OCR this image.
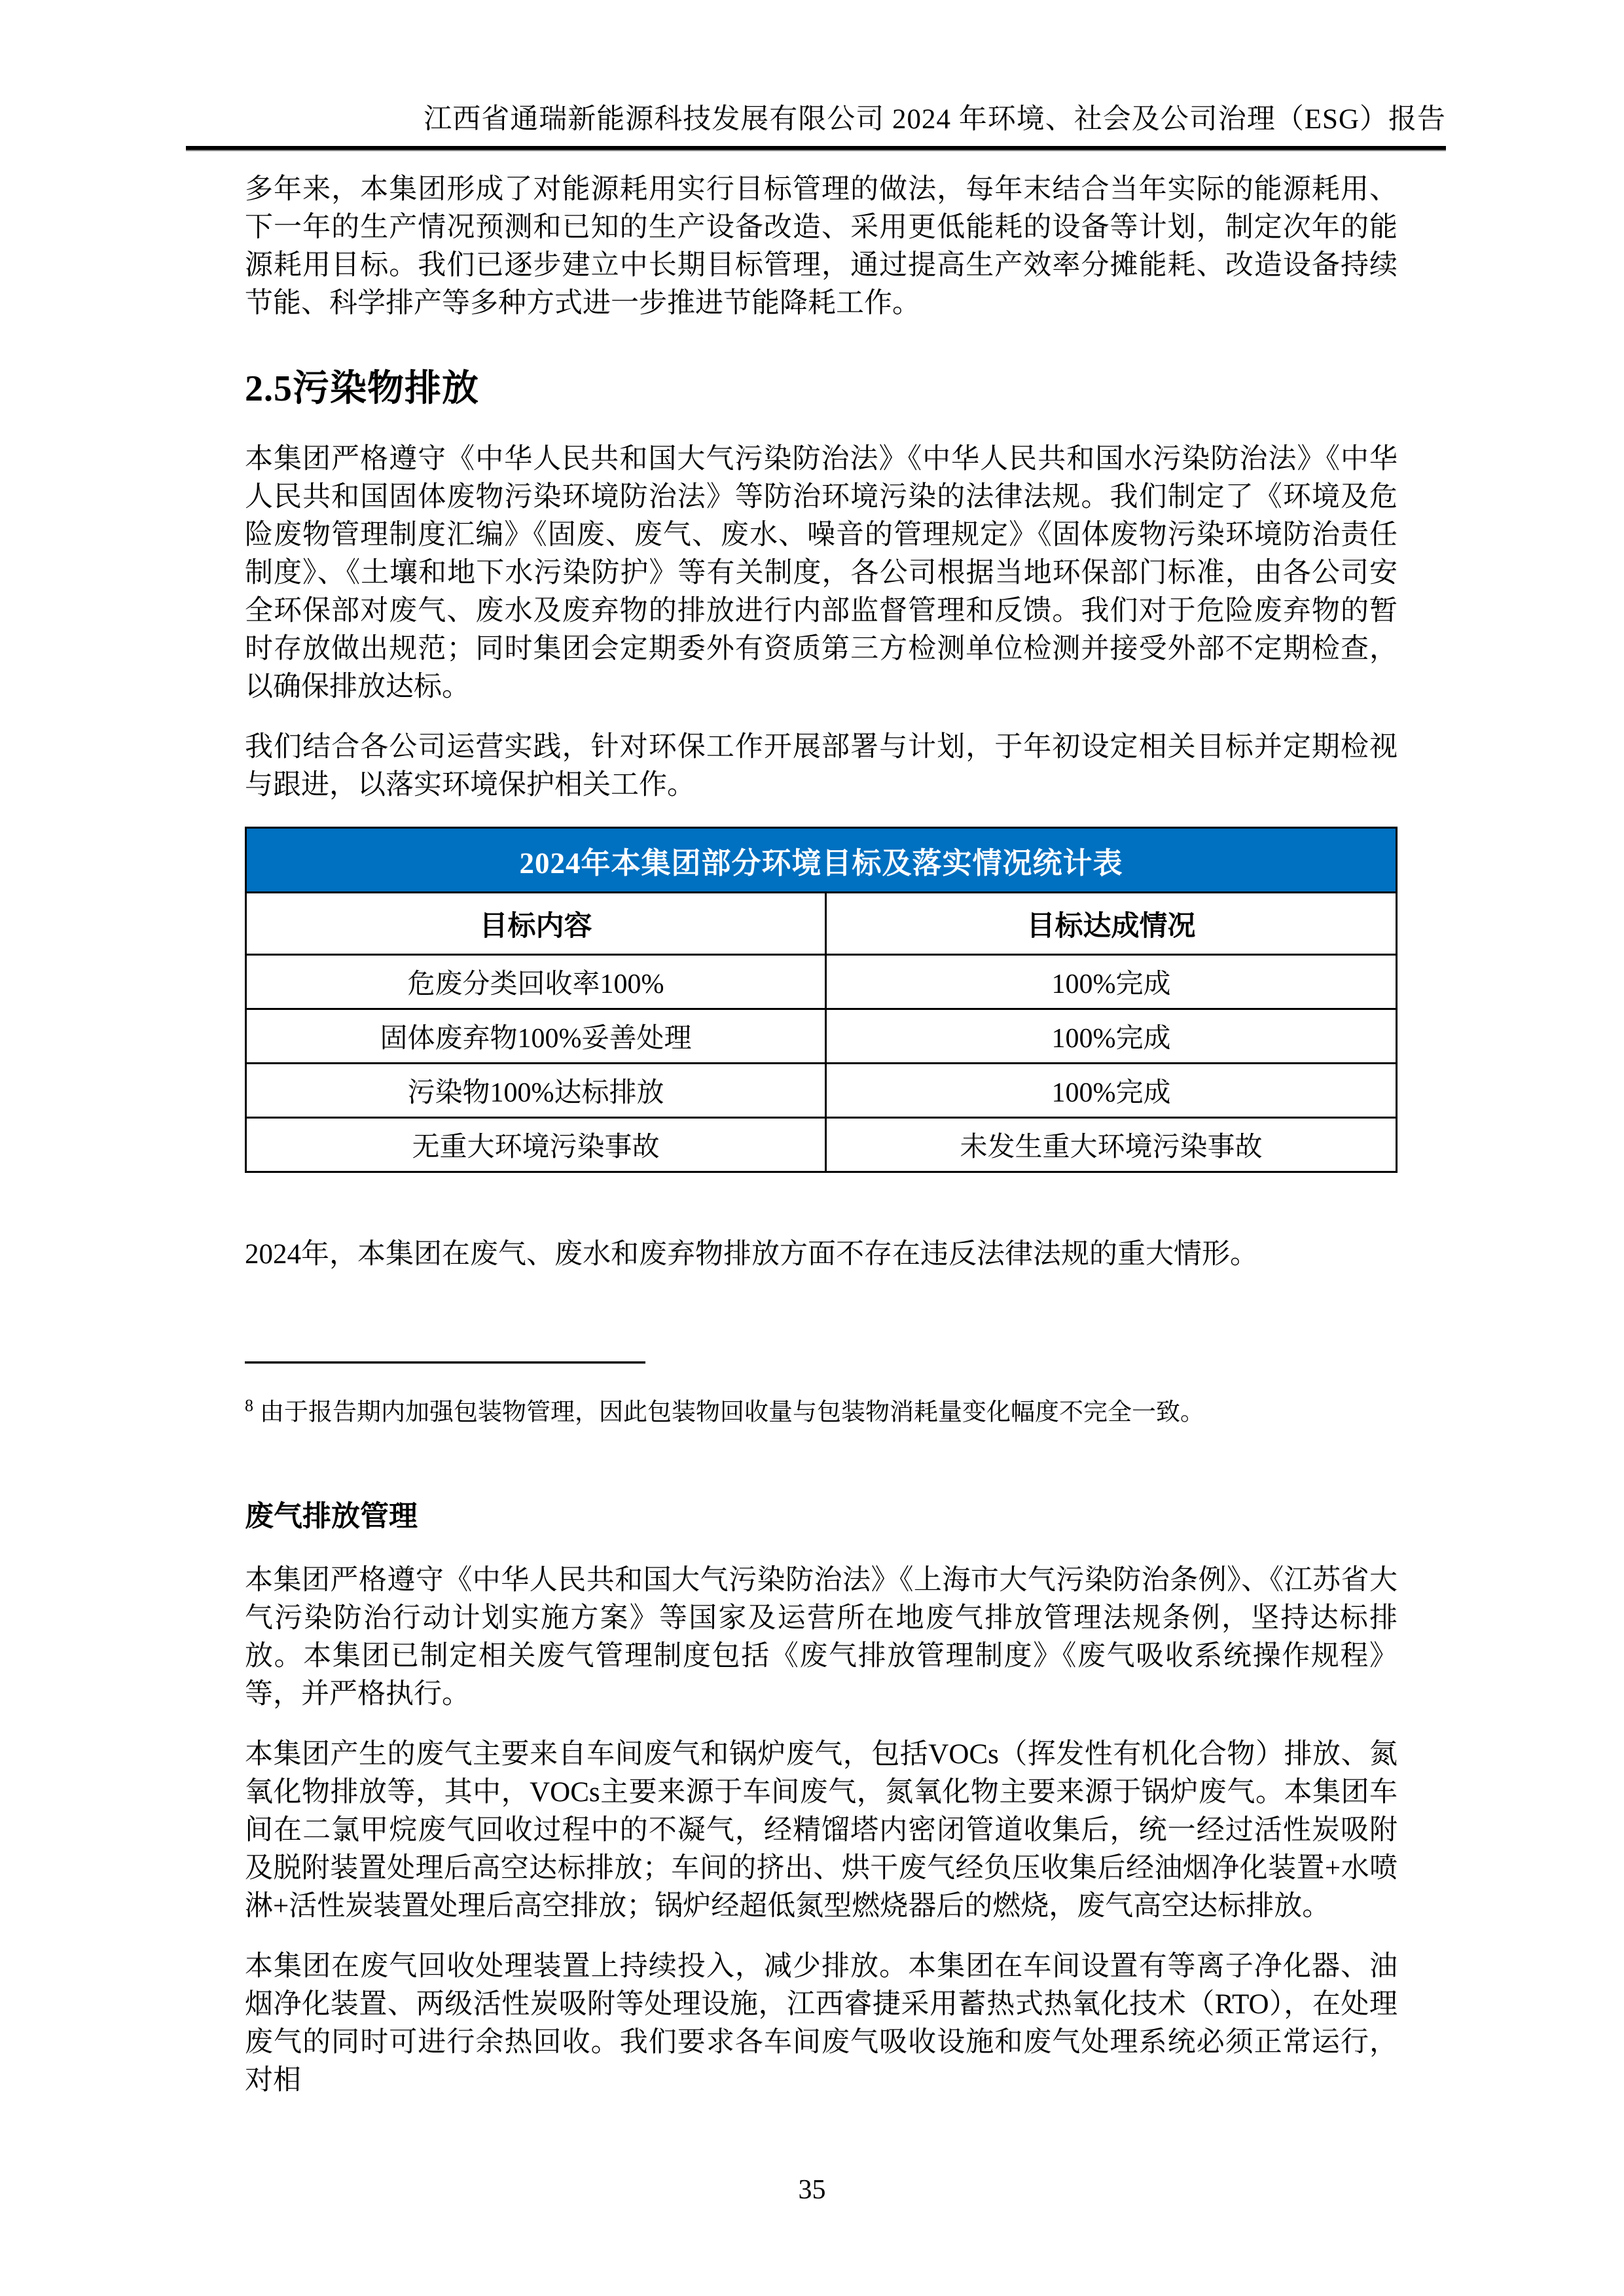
江西省通瑞新能源科技发展有限公司 2024 年环境、社会及公司治理（ESG）报告

多年来，本集团形成了对能源耗用实行目标管理的做法，每年末结合当年实际的能源耗用、下一年的生产情况预测和已知的生产设备改造、采用更低能耗的设备等计划，制定次年的能源耗用目标。我们已逐步建立中长期目标管理，通过提高生产效率分摊能耗、改造设备持续节能、科学排产等多种方式进一步推进节能降耗工作。

2.5污染物排放

本集团严格遵守《中华人民共和国大气污染防治法》《中华人民共和国水污染防治法》《中华人民共和国固体废物污染环境防治法》等防治环境污染的法律法规。我们制定了《环境及危险废物管理制度汇编》《固废、废气、废水、噪音的管理规定》《固体废物污染环境防治责任制度》、《土壤和地下水污染防护》等有关制度，各公司根据当地环保部门标准，由各公司安全环保部对废气、废水及废弃物的排放进行内部监督管理和反馈。我们对于危险废弃物的暂时存放做出规范；同时集团会定期委外有资质第三方检测单位检测并接受外部不定期检查，以确保排放达标。

我们结合各公司运营实践，针对环保工作开展部署与计划，于年初设定相关目标并定期检视与跟进，以落实环境保护相关工作。

2024年本集团部分环境目标及落实情况统计表	
目标内容	目标达成情况
危废分类回收率100%	100%完成
固体废弃物100%妥善处理	100%完成
污染物100%达标排放	100%完成
无重大环境污染事故	未发生重大环境污染事故

2024年，本集团在废气、废水和废弃物排放方面不存在违反法律法规的重大情形。

$^8$ 由于报告期内加强包装物管理，因此包装物回收量与包装物消耗量变化幅度不完全一致。
废气排放管理

本集团严格遵守《中华人民共和国大气污染防治法》《上海市大气污染防治条例》、《江苏省大气污染防治行动计划实施方案》等国家及运营所在地废气排放管理法规条例，坚持达标排放。本集团已制定相关废气管理制度包括《废气排放管理制度》《废气吸收系统操作规程》等，并严格执行。

本集团产生的废气主要来自车间废气和锅炉废气，包括VOCs（挥发性有机化合物）排放、氮氧化物排放等，其中，VOCs主要来源于车间废气，氮氧化物主要来源于锅炉废气。本集团车间在二氯甲烷废气回收过程中的不凝气，经精馏塔内密闭管道收集后，统一经过活性炭吸附及脱附装置处理后高空达标排放；车间的挤出、烘干废气经负压收集后经油烟净化装置+水喷淋+活性炭装置处理后高空排放；锅炉经超低氮型燃烧器后的燃烧，废气高空达标排放。

本集团在废气回收处理装置上持续投入，减少排放。本集团在车间设置有等离子净化器、油烟净化装置、两级活性炭吸附等处理设施，江西睿捷采用蓄热式热氧化技术（RTO），在处理废气的同时可进行余热回收。我们要求各车间废气吸收设施和废气处理系统必须正常运行，对相

35
